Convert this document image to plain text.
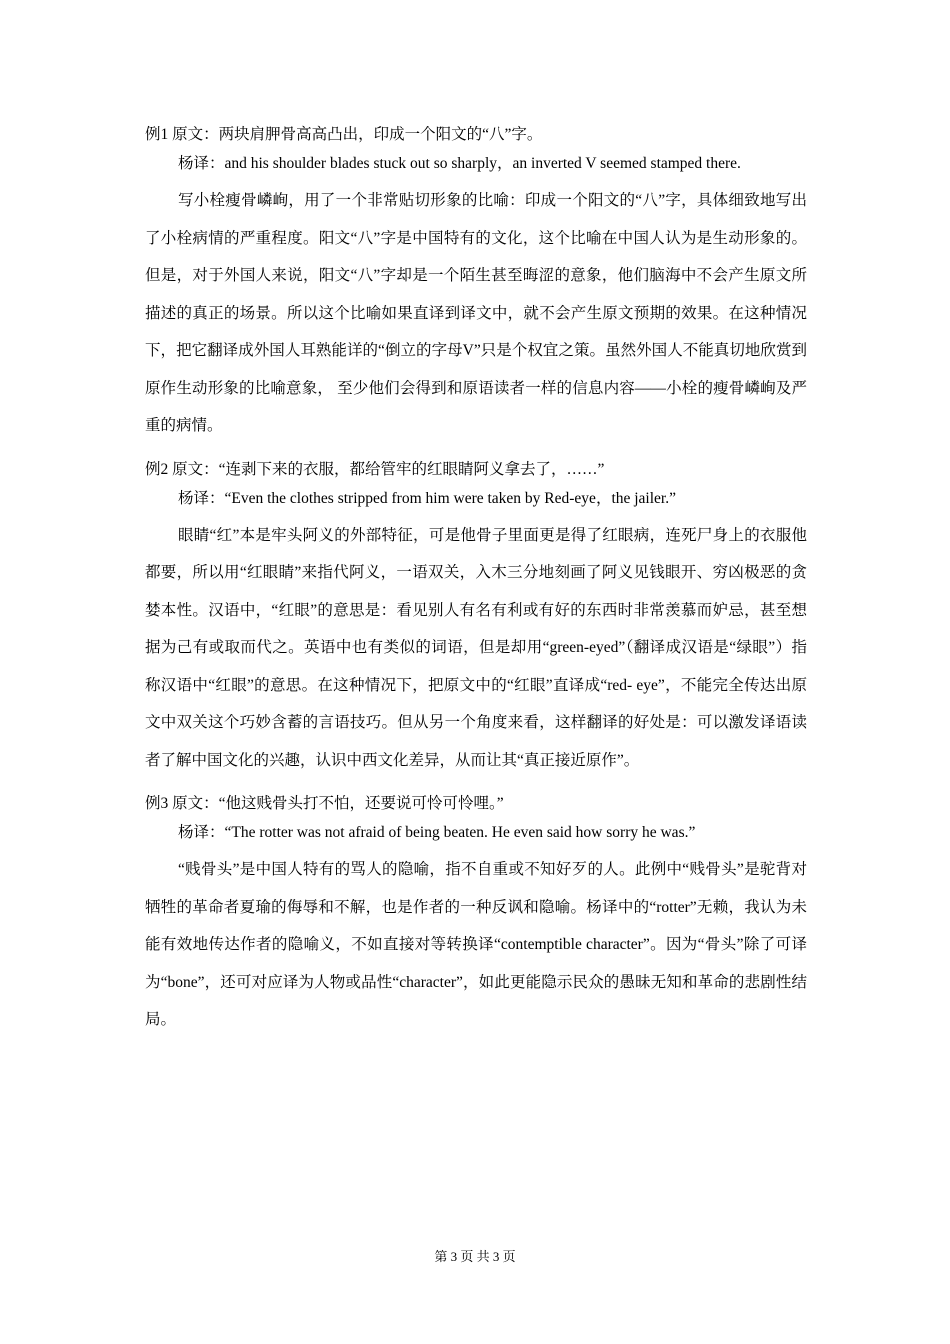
例1 原文：两块肩胛骨高高凸出，印成一个阳文的“八”字。

杨译：and his shoulder blades stuck out so sharply，an inverted V seemed stamped there.

写小栓瘦骨嶙峋，用了一个非常贴切形象的比喻：印成一个阳文的“八”字，具体细致地写出了小栓病情的严重程度。阳文“八”字是中国特有的文化，这个比喻在中国人认为是生动形象的。但是，对于外国人来说，阳文“八”字却是一个陌生甚至晦涩的意象，他们脑海中不会产生原文所描述的真正的场景。所以这个比喻如果直译到译文中，就不会产生原文预期的效果。在这种情况下，把它翻译成外国人耳熟能详的“倒立的字母V”只是个权宜之策。虽然外国人不能真切地欣赏到原作生动形象的比喻意象， 至少他们会得到和原语读者一样的信息内容——小栓的瘦骨嶙峋及严重的病情。

例2 原文：“连剥下来的衣服，都给管牢的红眼睛阿义拿去了，……”

杨译：“Even the clothes stripped from him were taken by Red-eye，the jailer.”

眼睛“红”本是牢头阿义的外部特征，可是他骨子里面更是得了红眼病，连死尸身上的衣服他都要，所以用“红眼睛”来指代阿义，一语双关，入木三分地刻画了阿义见钱眼开、穷凶极恶的贪婪本性。汉语中，“红眼”的意思是：看见别人有名有利或有好的东西时非常羡慕而妒忌，甚至想据为己有或取而代之。英语中也有类似的词语，但是却用“green-eyed”（翻译成汉语是“绿眼”）指称汉语中“红眼”的意思。在这种情况下，把原文中的“红眼”直译成“red- eye”，不能完全传达出原文中双关这个巧妙含蓄的言语技巧。但从另一个角度来看，这样翻译的好处是：可以激发译语读者了解中国文化的兴趣，认识中西文化差异，从而让其“真正接近原作”。

例3 原文：“他这贱骨头打不怕，还要说可怜可怜哩。”

杨译：“The rotter was not afraid of being beaten. He even said how sorry he was.”

“贱骨头”是中国人特有的骂人的隐喻，指不自重或不知好歹的人。此例中“贱骨头”是驼背对牺牲的革命者夏瑜的侮辱和不解，也是作者的一种反讽和隐喻。杨译中的“rotter”无赖，我认为未能有效地传达作者的隐喻义，不如直接对等转换译“contemptible character”。因为“骨头”除了可译为“bone”，还可对应译为人物或品性“character”，如此更能隐示民众的愚昧无知和革命的悲剧性结局。

第 3 页 共 3 页
